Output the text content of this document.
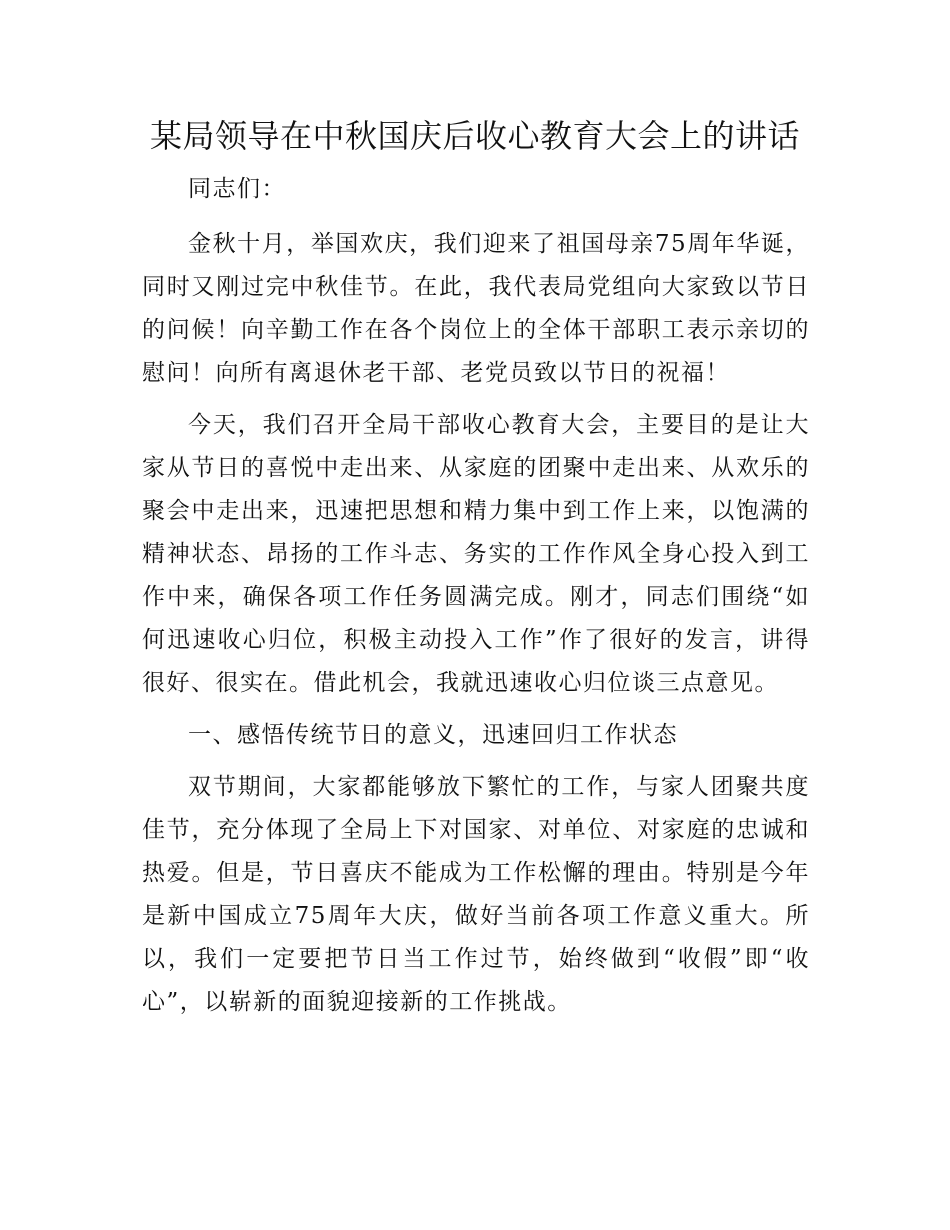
某局领导在中秋国庆后收心教育大会上的讲话

同志们：

金秋十月，举国欢庆，我们迎来了祖国母亲75周年华诞，同时又刚过完中秋佳节。在此，我代表局党组向大家致以节日的问候！向辛勤工作在各个岗位上的全体干部职工表示亲切的慰问！向所有离退休老干部、老党员致以节日的祝福！

今天，我们召开全局干部收心教育大会，主要目的是让大家从节日的喜悦中走出来、从家庭的团聚中走出来、从欢乐的聚会中走出来，迅速把思想和精力集中到工作上来，以饱满的精神状态、昂扬的工作斗志、务实的工作作风全身心投入到工作中来，确保各项工作任务圆满完成。刚才，同志们围绕“如何迅速收心归位，积极主动投入工作”作了很好的发言，讲得很好、很实在。借此机会，我就迅速收心归位谈三点意见。

一、感悟传统节日的意义，迅速回归工作状态

双节期间，大家都能够放下繁忙的工作，与家人团聚共度佳节，充分体现了全局上下对国家、对单位、对家庭的忠诚和热爱。但是，节日喜庆不能成为工作松懈的理由。特别是今年是新中国成立75周年大庆，做好当前各项工作意义重大。所以，我们一定要把节日当工作过节，始终做到“收假”即“收心”，以崭新的面貌迎接新的工作挑战。
